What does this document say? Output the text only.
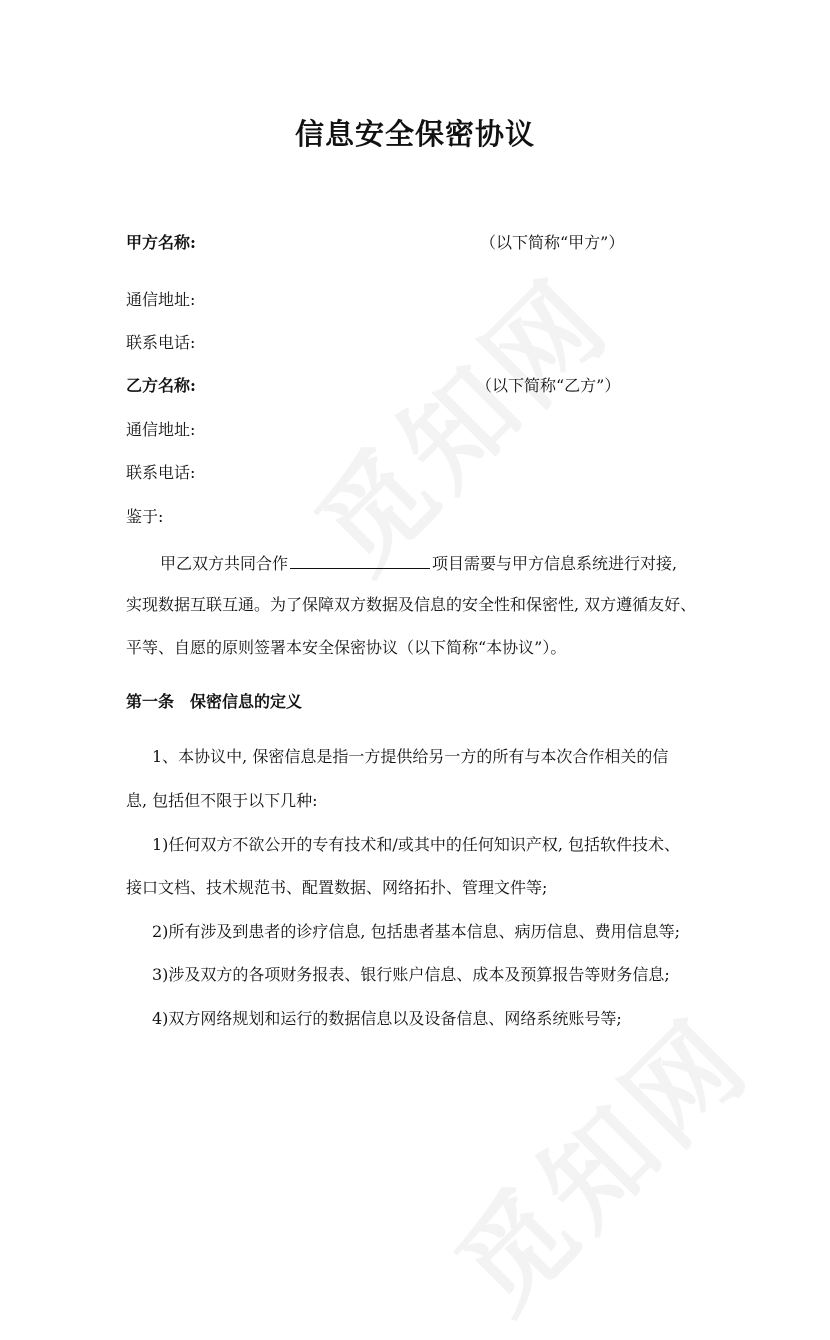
信息安全保密协议
甲方名称:	（以下简称“甲方”）
通信地址:
联系电话:
乙方名称:	（以下简称“乙方”）
通信地址:
联系电话:
鉴于:
甲乙双方共同合作	项目需要与甲方信息系统进行对接,
实现数据互联互通。为了保障双方数据及信息的安全性和保密性, 双方遵循友好、
平等、自愿的原则签署本安全保密协议（以下简称“本协议”）。
第一条　保密信息的定义
1、本协议中, 保密信息是指一方提供给另一方的所有与本次合作相关的信
息, 包括但不限于以下几种:
1)任何双方不欲公开的专有技术和/或其中的任何知识产权, 包括软件技术、
接口文档、技术规范书、配置数据、网络拓扑、管理文件等;
2)所有涉及到患者的诊疗信息, 包括患者基本信息、病历信息、费用信息等;
3)涉及双方的各项财务报表、银行账户信息、成本及预算报告等财务信息;
4)双方网络规划和运行的数据信息以及设备信息、网络系统账号等;
